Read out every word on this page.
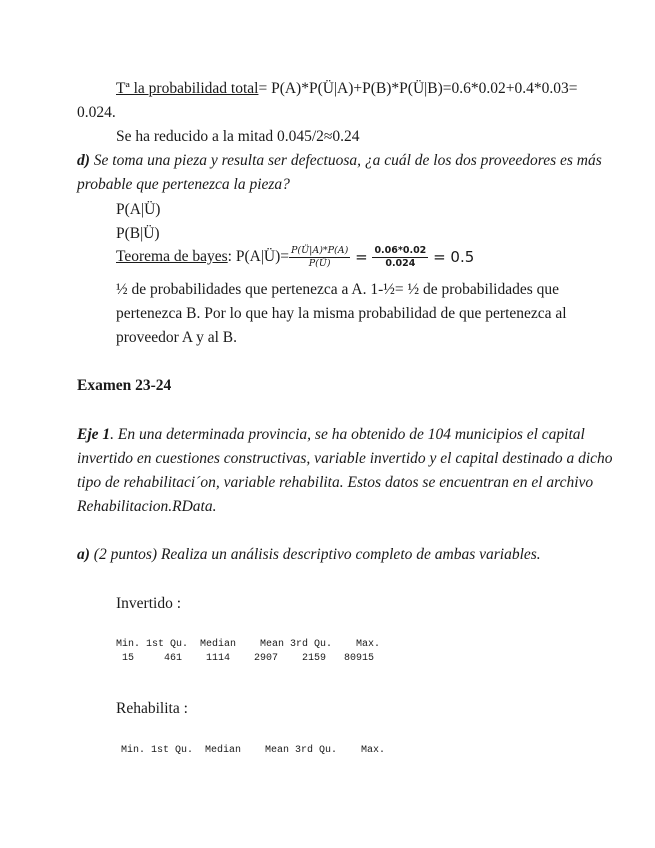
Tª la probabilidad total= P(A)*P(Ü|A)+P(B)*P(Ü|B)=0.6*0.02+0.4*0.03=
0.024.
Se ha reducido a la mitad 0.045/2≈0.24
d) Se toma una pieza y resulta ser defectuosa, ¿a cuál de los dos proveedores es más
probable que pertenezca la pieza?
P(A|Ü)
P(B|Ü)
Teorema de bayes: P(A|Ü)= $\frac{P(Ü|A)*P(A)}{P(Ü)} = \frac{0.06*0.02}{0.024} = 0.5$
½ de probabilidades que pertenezca a A. 1-½= ½ de probabilidades que
pertenezca B. Por lo que hay la misma probabilidad de que pertenezca al
proveedor A y al B.
Examen 23-24
Eje 1. En una determinada provincia, se ha obtenido de 104 municipios el capital
invertido en cuestiones constructivas, variable invertido y el capital destinado a dicho
tipo de rehabilitaci´on, variable rehabilita. Estos datos se encuentran en el archivo
Rehabilitacion.RData.
a) (2 puntos) Realiza un análisis descriptivo completo de ambas variables.
Invertido :
Min. 1st Qu.  Median    Mean 3rd Qu.    Max.
15     461    1114    2907    2159   80915
Rehabilita :
Min. 1st Qu.  Median    Mean 3rd Qu.    Max.
